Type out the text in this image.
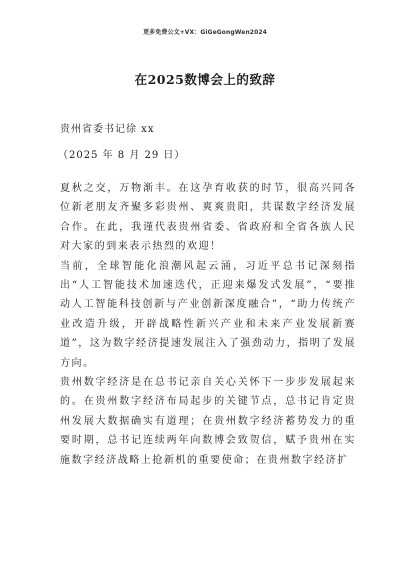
更多免费公文+VX：GiGeGongWen2024
在2025数博会上的致辞
贵州省委书记徐 xx
（2025 年 8 月 29 日）

夏秋之交，万物渐丰。在这孕育收获的时节，很高兴同各位新老朋友齐聚多彩贵州、爽爽贵阳，共谋数字经济发展合作。在此，我谨代表贵州省委、省政府和全省各族人民对大家的到来表示热烈的欢迎！

当前，全球智能化浪潮风起云涌，习近平总书记深刻指出“人工智能技术加速迭代，正迎来爆发式发展”，“要推动人工智能科技创新与产业创新深度融合”，“助力传统产业改造升级，开辟战略性新兴产业和未来产业发展新赛道”，这为数字经济提速发展注入了强劲动力，指明了发展方向。

贵州数字经济是在总书记亲自关心关怀下一步步发展起来的。在贵州数字经济布局起步的关键节点，总书记肯定贵州发展大数据确实有道理；在贵州数字经济蓄势发力的重要时期，总书记连续两年向数博会致贺信，赋予贵州在实施数字经济战略上抢新机的重要使命；在贵州数字经济扩
